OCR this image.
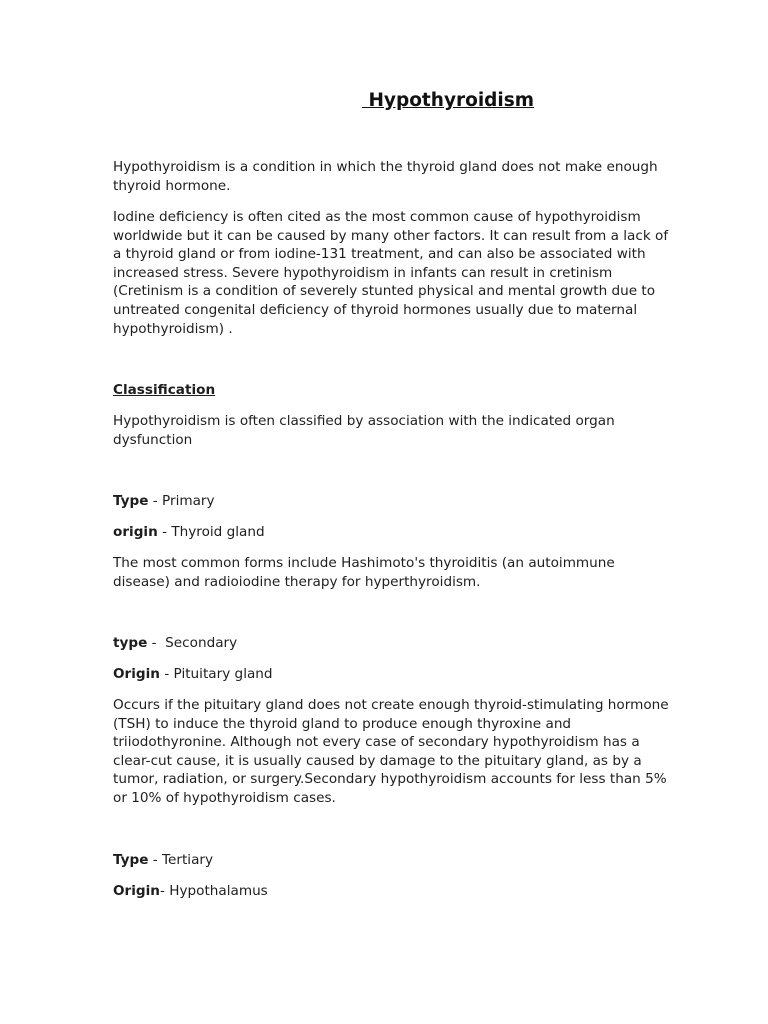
Hypothyroidism
Hypothyroidism is a condition in which the thyroid gland does not make enough thyroid hormone.
Iodine deficiency is often cited as the most common cause of hypothyroidism worldwide but it can be caused by many other factors. It can result from a lack of a thyroid gland or from iodine-131 treatment, and can also be associated with increased stress. Severe hypothyroidism in infants can result in cretinism (Cretinism is a condition of severely stunted physical and mental growth due to untreated congenital deficiency of thyroid hormones usually due to maternal hypothyroidism) .
Classification
Hypothyroidism is often classified by association with the indicated organ dysfunction
Type - Primary
origin - Thyroid gland
The most common forms include Hashimoto's thyroiditis (an autoimmune disease) and radioiodine therapy for hyperthyroidism.
type -  Secondary
Origin - Pituitary gland
Occurs if the pituitary gland does not create enough thyroid-stimulating hormone (TSH) to induce the thyroid gland to produce enough thyroxine and triiodothyronine. Although not every case of secondary hypothyroidism has a clear-cut cause, it is usually caused by damage to the pituitary gland, as by a tumor, radiation, or surgery.Secondary hypothyroidism accounts for less than 5% or 10% of hypothyroidism cases.
Type - Tertiary
Origin- Hypothalamus
